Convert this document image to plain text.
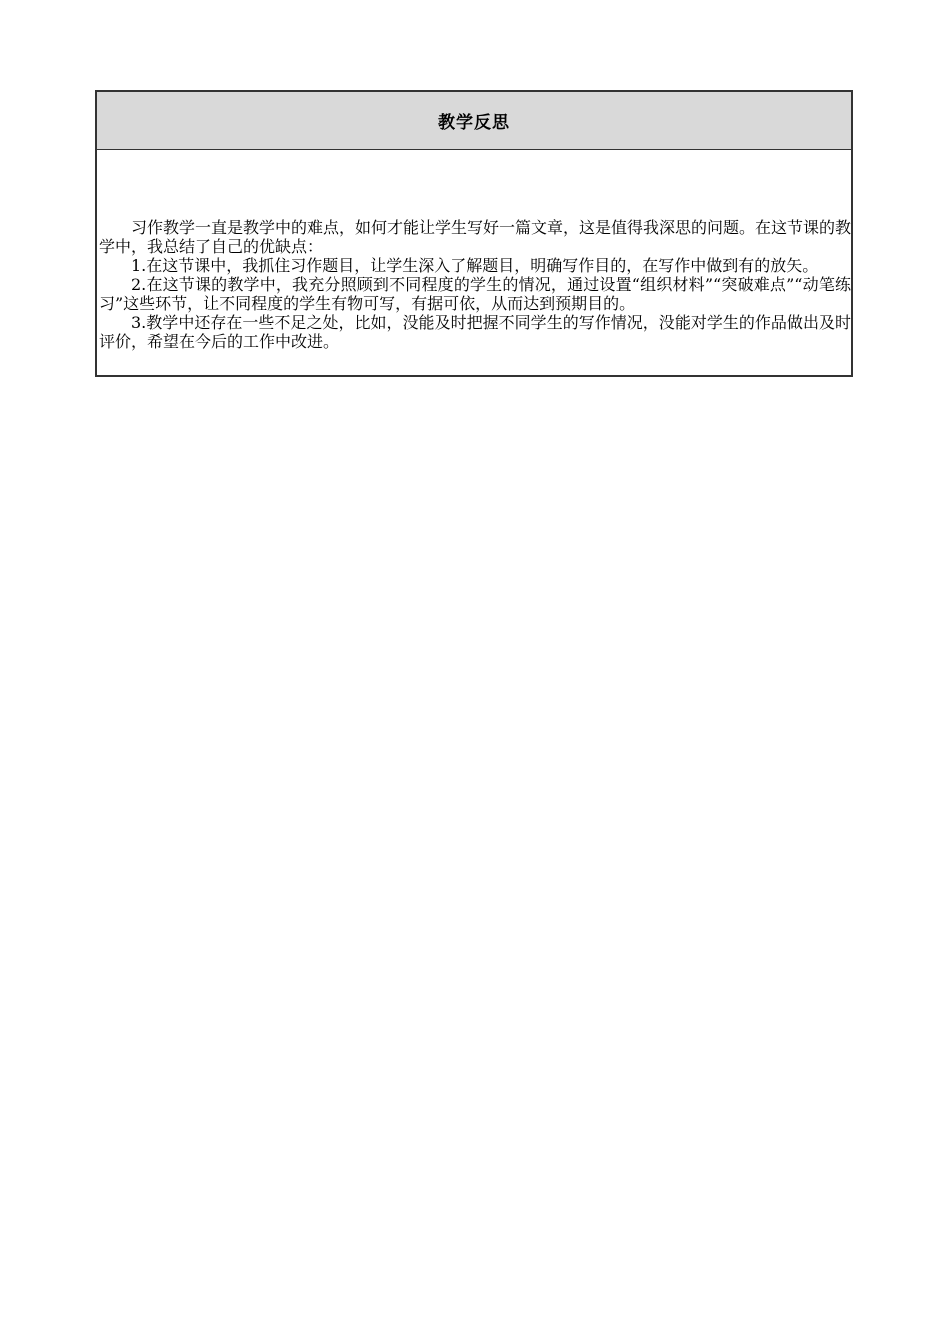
教学反思

习作教学一直是教学中的难点，如何才能让学生写好一篇文章，这是值得我深思的问题。在这节课的教学中，我总结了自己的优缺点：

1.在这节课中，我抓住习作题目，让学生深入了解题目，明确写作目的，在写作中做到有的放矢。

2.在这节课的教学中，我充分照顾到不同程度的学生的情况，通过设置“组织材料”“突破难点”“动笔练习”这些环节，让不同程度的学生有物可写，有据可依，从而达到预期目的。

3.教学中还存在一些不足之处，比如，没能及时把握不同学生的写作情况，没能对学生的作品做出及时评价，希望在今后的工作中改进。
